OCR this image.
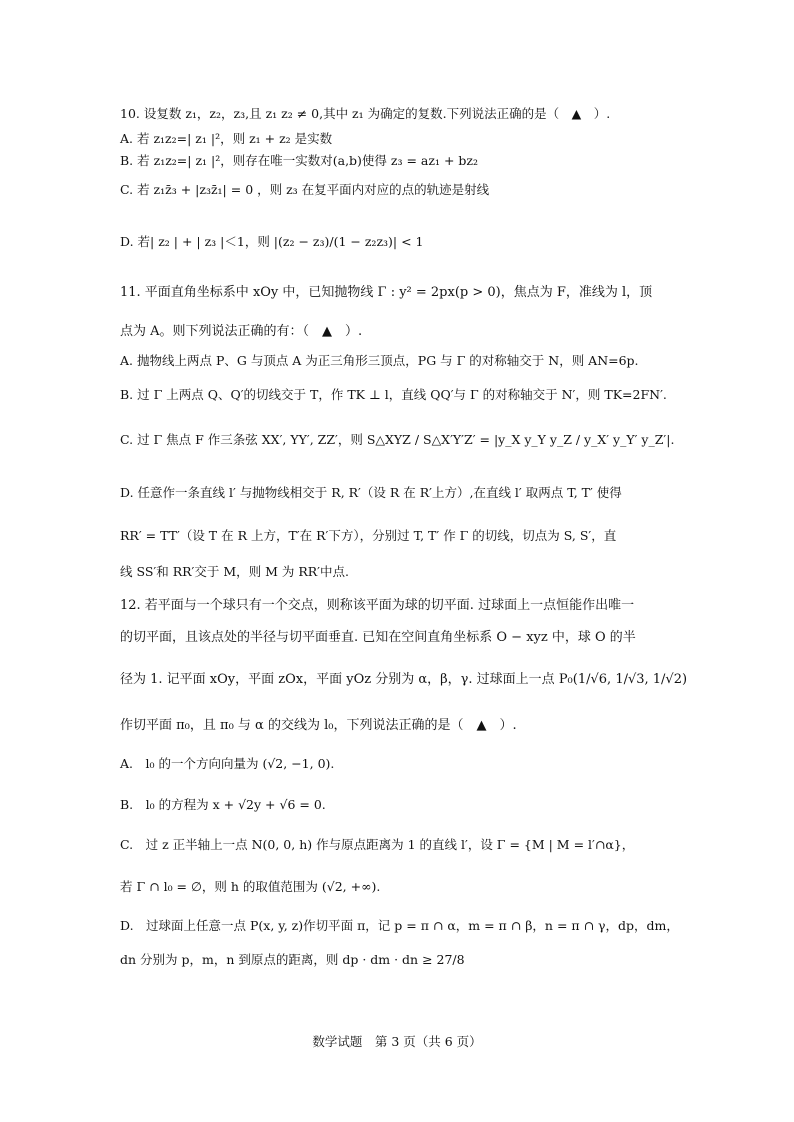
10. 设复数 z₁，z₂，z₃,且 z₁ z₂ ≠ 0,其中 z₁ 为确定的复数.下列说法正确的是（　▲　）.
A. 若 z₁z₂=| z₁ |²，则 z₁ + z₂ 是实数
B. 若 z₁z₂=| z₁ |²，则存在唯一实数对(a,b)使得 z₃ = az₁ + bz₂
C. 若 z₁z̄₃ + |z₃z̄₁| = 0 ，则 z₃ 在复平面内对应的点的轨迹是射线
D. 若| z₂ | + | z₃ |＜1，则 |(z₂ − z₃)/(1 − z₂z₃)| < 1
11. 平面直角坐标系中 xOy 中，已知抛物线 Γ : y² = 2px(p > 0)，焦点为 F，准线为 l，顶
点为 A。则下列说法正确的有：（　▲　）.
A. 抛物线上两点 P、G 与顶点 A 为正三角形三顶点，PG 与 Γ 的对称轴交于 N，则 AN=6p.
B. 过 Γ 上两点 Q、Q′的切线交于 T，作 TK ⊥ l，直线 QQ′与 Γ 的对称轴交于 N′，则 TK=2FN′.
C. 过 Γ 焦点 F 作三条弦 XX′, YY′, ZZ′，则 S△XYZ / S△X′Y′Z′ = |y_X y_Y y_Z / y_X′ y_Y′ y_Z′|.
D. 任意作一条直线 l′ 与抛物线相交于 R, R′（设 R 在 R′上方）,在直线 l′ 取两点 T, T′ 使得
RR′ = TT′（设 T 在 R 上方，T′在 R′下方），分别过 T, T′ 作 Γ 的切线，切点为 S, S′，直
线 SS′和 RR′交于 M，则 M 为 RR′中点.
12. 若平面与一个球只有一个交点，则称该平面为球的切平面. 过球面上一点恒能作出唯一
的切平面，且该点处的半径与切平面垂直. 已知在空间直角坐标系 O − xyz 中，球 O 的半
径为 1. 记平面 xOy，平面 zOx，平面 yOz 分别为 α，β，γ. 过球面上一点 P₀(1/√6, 1/√3, 1/√2)
作切平面 π₀，且 π₀ 与 α 的交线为 l₀，下列说法正确的是（　▲　）.
A.　l₀ 的一个方向向量为 (√2, −1, 0).
B.　l₀ 的方程为 x + √2y + √6 = 0.
C.　过 z 正半轴上一点 N(0, 0, h) 作与原点距离为 1 的直线 l′，设 Γ = {M | M = l′∩α}，
若 Γ ∩ l₀ = ∅，则 h 的取值范围为 (√2, +∞).
D.　过球面上任意一点 P(x, y, z)作切平面 π，记 p = π ∩ α，m = π ∩ β，n = π ∩ γ，dp，dm，
dn 分别为 p，m，n 到原点的距离，则 dp · dm · dn ≥ 27/8
数学试题　第 3 页（共 6 页）
